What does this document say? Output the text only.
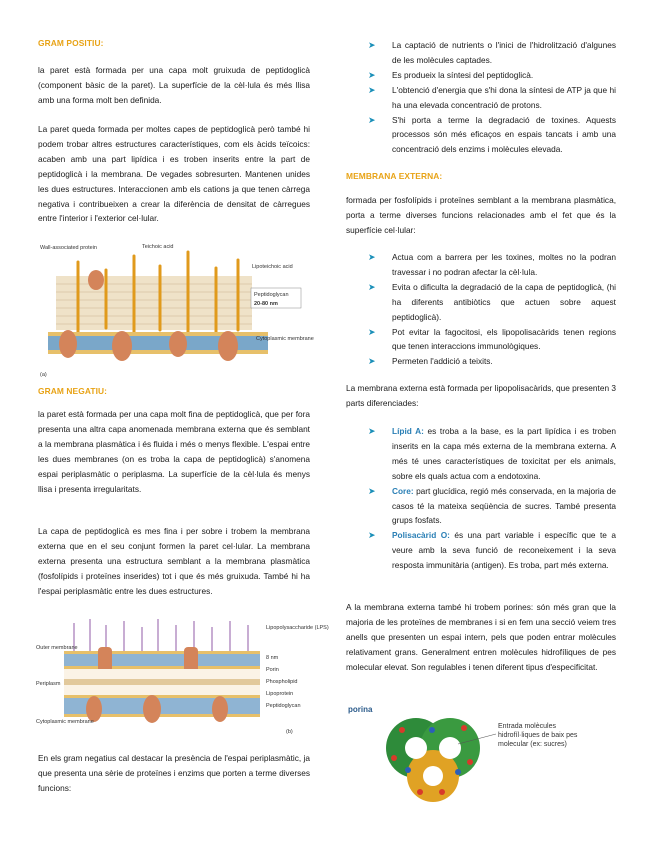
GRAM POSITIU:

la paret està formada per una capa molt gruixuda de peptidoglicà (component bàsic de la paret). La superfície de la cèl·lula és més llisa amb una forma molt ben definida.

La paret queda formada per moltes capes de peptidoglicà però també hi podem trobar altres estructures característiques, com els àcids teïcoics: acaben amb una part lipídica i es troben inserits entre la part de peptidoglicà i la membrana. De vegades sobresurten. Mantenen unides les dues estructures. Interaccionen amb els cations ja que tenen càrrega negativa i contribueixen a crear la diferència de densitat de càrregues entre l'interior i l'exterior cel·lular.

Wall-associated protein	Teichoic acid
Lipoteichoic acid
Peptidoglycan
20-80 nm
Cytoplasmic membrane
(a)
GRAM NEGATIU:

la paret està formada per una capa molt fina de peptidoglicà, que per fora presenta una altra capa anomenada membrana externa que és semblant a la membrana plasmàtica i és fluida i més o menys flexible. L'espai entre les dues membranes (on es troba la capa de peptidoglicà) s'anomena espai periplasmàtic o periplasma. La superfície de la cèl·lula és menys llisa i presenta irregularitats.

La capa de peptidoglicà es mes fina i per sobre i trobem la membrana externa que en el seu conjunt formen la paret cel·lular. La membrana externa presenta una estructura semblant a la membrana plasmàtica (fosfolípids i proteïnes inserides) tot i que és més gruixuda. També hi ha l'espai periplasmàtic entre les dues estructures.

Outer membrane
Periplasm
Cytoplasmic membrane
Lipopolysaccharide (LPS)
8 nm
Porin
Phospholipid
Lipoprotein
Peptidoglycan
(b)

En els gram negatius cal destacar la presència de l'espai periplasmàtic, ja que presenta una sèrie de proteïnes i enzims que porten a terme diverses funcions:

➤ La captació de nutrients o l'inici de l'hidrolització d'algunes de les molècules captades.
➤ Es produeix la síntesi del peptidoglicà.
➤ L'obtenció d'energia que s'hi dona la síntesi de ATP ja que hi ha una elevada concentració de protons.
➤ S'hi porta a terme la degradació de toxines. Aquests processos són més eficaços en espais tancats i amb una concentració dels enzims i molècules elevada.
MEMBRANA EXTERNA:

formada per fosfolípids i proteïnes semblant a la membrana plasmàtica, porta a terme diverses funcions relacionades amb el fet que és la superfície cel·lular:

➤ Actua com a barrera per les toxines, moltes no la podran travessar i no podran afectar la cèl·lula.
➤ Evita o dificulta la degradació de la capa de peptidoglicà, (hi ha diferents antibiòtics que actuen sobre aquest peptidoglicà).
➤ Pot evitar la fagocitosi, els lipopolisacàrids tenen regions que tenen interaccions immunològiques.
➤ Permeten l'addició a teixits.

La membrana externa està formada per lipopolisacàrids, que presenten 3 parts diferenciades:

➤ Lípid A: es troba a la base, es la part lipídica i es troben inserits en la capa més externa de la membrana externa. A més té unes característiques de toxicitat per els animals, sobre els quals actua com a endotoxina.
➤ Core: part glucídica, regió més conservada, en la majoria de casos té la mateixa seqüència de sucres. També presenta grups fosfats.
➤ Polisacàrid O: és una part variable i específic que te a veure amb la seva funció de reconeixement i la seva resposta immunitària (antigen). Es troba, part més externa.

A la membrana externa també hi trobem porines: són més gran que la majoria de les proteïnes de membranes i si en fem una secció veiem tres anells que presenten un espai intern, pels que poden entrar molècules relativament grans. Generalment entren molècules hidrofíliques de pes molecular elevat. Son regulables i tenen diferent tipus d'especificitat.

porina
Entrada molècules hidrofíl·liques de baix pes molecular (ex: sucres)
